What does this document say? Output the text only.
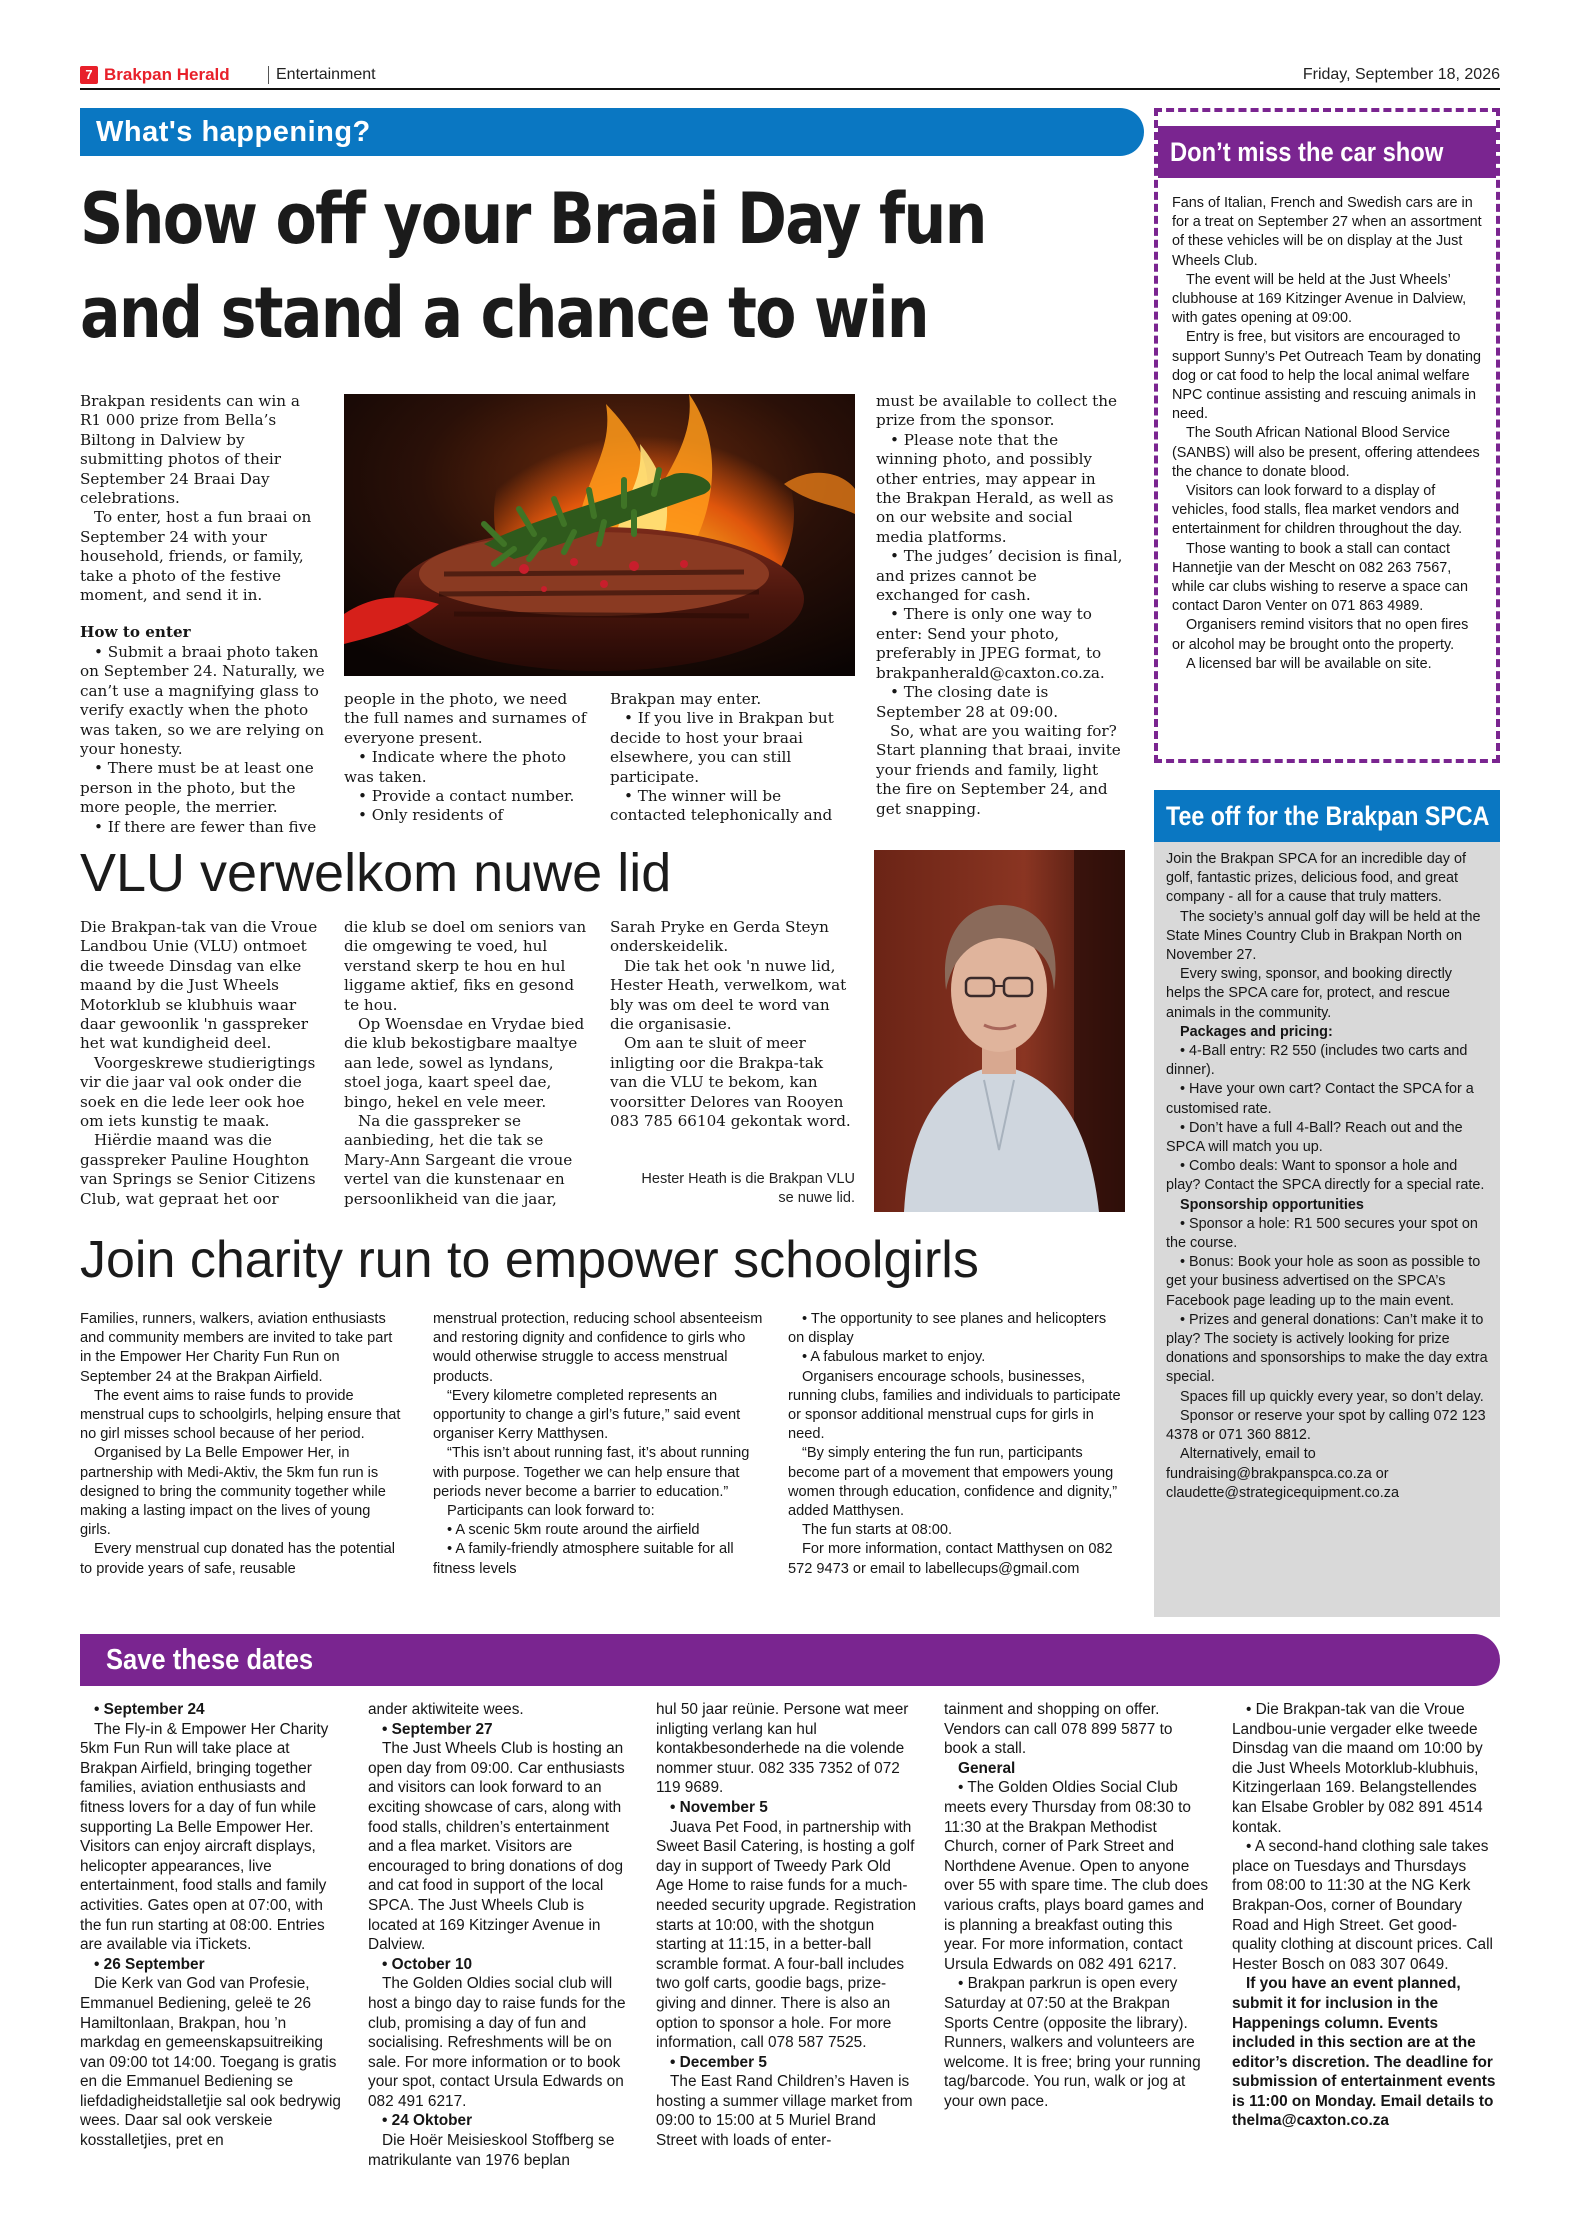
7 Brakpan Herald	Entertainment	Friday, September 18, 2026
What's happening?
Show off your Braai Day fun
and stand a chance to win

Brakpan residents can win a R1 000 prize from Bella’s Biltong in Dalview by submitting photos of their September 24 Braai Day celebrations.

To enter, host a fun braai on September 24 with your household, friends, or family, take a photo of the festive moment, and send it in.

How to enter

• Submit a braai photo taken on September 24. Naturally, we can’t use a magnifying glass to verify exactly when the photo was taken, so we are relying on your honesty.

• There must be at least one person in the photo, but the more people, the merrier.

• If there are fewer than five

people in the photo, we need the full names and surnames of everyone present.

• Indicate where the photo was taken.

• Provide a contact number.

• Only residents of

Brakpan may enter.

• If you live in Brakpan but decide to host your braai elsewhere, you can still participate.

• The winner will be contacted telephonically and

must be available to collect the prize from the sponsor.

• Please note that the winning photo, and possibly other entries, may appear in the Brakpan Herald, as well as on our website and social media platforms.

• The judges’ decision is final, and prizes cannot be exchanged for cash.

• There is only one way to enter: Send your photo, preferably in JPEG format, to brakpanherald@caxton.co.za.

• The closing date is September 28 at 09:00.

So, what are you waiting for? Start planning that braai, invite your friends and family, light the fire on September 24, and get snapping.

VLU verwelkom nuwe lid

Die Brakpan-tak van die Vroue Landbou Unie (VLU) ontmoet die tweede Dinsdag van elke maand by die Just Wheels Motorklub se klubhuis waar daar gewoonlik 'n gasspreker het wat kundigheid deel.

Voorgeskrewe studierigtings vir die jaar val ook onder die soek en die lede leer ook hoe om iets kunstig te maak.

Hiërdie maand was die gasspreker Pauline Houghton van Springs se Senior Citizens Club, wat gepraat het oor

die klub se doel om seniors van die omgewing te voed, hul verstand skerp te hou en hul liggame aktief, fiks en gesond te hou.

Op Woensdae en Vrydae bied die klub bekostigbare maaltye aan lede, sowel as lyndans, stoel joga, kaart speel dae, bingo, hekel en vele meer.

Na die gasspreker se aanbieding, het die tak se Mary-Ann Sargeant die vroue vertel van die kunstenaar en persoonlikheid van die jaar,

Sarah Pryke en Gerda Steyn onderskeidelik.

Die tak het ook 'n nuwe lid, Hester Heath, verwelkom, wat bly was om deel te word van die organisasie.

Om aan te sluit of meer inligting oor die Brakpa-tak van die VLU te bekom, kan voorsitter Delores van Rooyen 083 785 66104 gekontak word.

Hester Heath is die Brakpan VLU se nuwe lid.
Join charity run to empower schoolgirls

Families, runners, walkers, aviation enthusiasts and community members are invited to take part in the Empower Her Charity Fun Run on September 24 at the Brakpan Airfield.

The event aims to raise funds to provide menstrual cups to schoolgirls, helping ensure that no girl misses school because of her period.

Organised by La Belle Empower Her, in partnership with Medi-Aktiv, the 5km fun run is designed to bring the community together while making a lasting impact on the lives of young girls.

Every menstrual cup donated has the potential to provide years of safe, reusable

menstrual protection, reducing school absenteeism and restoring dignity and confidence to girls who would otherwise struggle to access menstrual products.

“Every kilometre completed represents an opportunity to change a girl’s future,” said event organiser Kerry Matthysen.

“This isn’t about running fast, it’s about running with purpose. Together we can help ensure that periods never become a barrier to education.”

Participants can look forward to:

• A scenic 5km route around the airfield

• A family-friendly atmosphere suitable for all fitness levels

• The opportunity to see planes and helicopters on display

• A fabulous market to enjoy.

Organisers encourage schools, businesses, running clubs, families and individuals to participate or sponsor additional menstrual cups for girls in need.

“By simply entering the fun run, participants become part of a movement that empowers young women through education, confidence and dignity,” added Matthysen.

The fun starts at 08:00.

For more information, contact Matthysen on 082 572 9473 or email to labellecups@gmail.com

Don’t miss the car show

Fans of Italian, French and Swedish cars are in for a treat on September 27 when an assortment of these vehicles will be on display at the Just Wheels Club.

The event will be held at the Just Wheels’ clubhouse at 169 Kitzinger Avenue in Dalview, with gates opening at 09:00.

Entry is free, but visitors are encouraged to support Sunny’s Pet Outreach Team by donating dog or cat food to help the local animal welfare NPC continue assisting and rescuing animals in need.

The South African National Blood Service (SANBS) will also be present, offering attendees the chance to donate blood.

Visitors can look forward to a display of vehicles, food stalls, flea market vendors and entertainment for children throughout the day.

Those wanting to book a stall can contact Hannetjie van der Mescht on 082 263 7567, while car clubs wishing to reserve a space can contact Daron Venter on 071 863 4989.

Organisers remind visitors that no open fires or alcohol may be brought onto the property.

A licensed bar will be available on site.

Tee off for the Brakpan SPCA

Join the Brakpan SPCA for an incredible day of golf, fantastic prizes, delicious food, and great company - all for a cause that truly matters.

The society’s annual golf day will be held at the State Mines Country Club in Brakpan North on November 27.

Every swing, sponsor, and booking directly helps the SPCA care for, protect, and rescue animals in the community.

Packages and pricing:

• 4-Ball entry: R2 550 (includes two carts and dinner).

• Have your own cart? Contact the SPCA for a customised rate.

• Don’t have a full 4-Ball? Reach out and the SPCA will match you up.

• Combo deals: Want to sponsor a hole and play? Contact the SPCA directly for a special rate.

Sponsorship opportunities

• Sponsor a hole: R1 500 secures your spot on the course.

• Bonus: Book your hole as soon as possible to get your business advertised on the SPCA’s Facebook page leading up to the main event.

• Prizes and general donations: Can’t make it to play? The society is actively looking for prize donations and sponsorships to make the day extra special.

Spaces fill up quickly every year, so don’t delay.

Sponsor or reserve your spot by calling 072 123 4378 or 071 360 8812.

Alternatively, email to fundraising@brakpanspca.co.za or claudette@strategicequipment.co.za

Save these dates

• September 24

The Fly-in & Empower Her Charity 5km Fun Run will take place at Brakpan Airfield, bringing together families, aviation enthusiasts and fitness lovers for a day of fun while supporting La Belle Empower Her. Visitors can enjoy aircraft displays, helicopter appearances, live entertainment, food stalls and family activities. Gates open at 07:00, with the fun run starting at 08:00. Entries are available via iTickets.

• 26 September

Die Kerk van God van Profesie, Emmanuel Bediening, geleë te 26 Hamiltonlaan, Brakpan, hou ’n markdag en gemeenskapsuitreiking van 09:00 tot 14:00. Toegang is gratis en die Emmanuel Bediening se liefdadigheidstalletjie sal ook bedrywig wees. Daar sal ook verskeie kosstalletjies, pret en

ander aktiwiteite wees.

• September 27

The Just Wheels Club is hosting an open day from 09:00. Car enthusiasts and visitors can look forward to an exciting showcase of cars, along with food stalls, children’s entertainment and a flea market. Visitors are encouraged to bring donations of dog and cat food in support of the local SPCA. The Just Wheels Club is located at 169 Kitzinger Avenue in Dalview.

• October 10

The Golden Oldies social club will host a bingo day to raise funds for the club, promising a day of fun and socialising. Refreshments will be on sale. For more information or to book your spot, contact Ursula Edwards on 082 491 6217.

• 24 Oktober

Die Hoër Meisieskool Stoffberg se matrikulante van 1976 beplan

hul 50 jaar reünie. Persone wat meer inligting verlang kan hul kontakbesonderhede na die volende nommer stuur. 082 335 7352 of 072 119 9689.

• November 5

Juava Pet Food, in partnership with Sweet Basil Catering, is hosting a golf day in support of Tweedy Park Old Age Home to raise funds for a much-needed security upgrade. Registration starts at 10:00, with the shotgun starting at 11:15, in a better-ball scramble format. A four-ball includes two golf carts, goodie bags, prize-giving and dinner. There is also an option to sponsor a hole. For more information, call 078 587 7525.

• December 5

The East Rand Children’s Haven is hosting a summer village market from 09:00 to 15:00 at 5 Muriel Brand Street with loads of enter-

tainment and shopping on offer. Vendors can call 078 899 5877 to book a stall.

General

• The Golden Oldies Social Club meets every Thursday from 08:30 to 11:30 at the Brakpan Methodist Church, corner of Park Street and Northdene Avenue. Open to anyone over 55 with spare time. The club does various crafts, plays board games and is planning a breakfast outing this year. For more information, contact Ursula Edwards on 082 491 6217.

• Brakpan parkrun is open every Saturday at 07:50 at the Brakpan Sports Centre (opposite the library). Runners, walkers and volunteers are welcome. It is free; bring your running tag/barcode. You run, walk or jog at your own pace.

• Die Brakpan-tak van die Vroue Landbou-unie vergader elke tweede Dinsdag van die maand om 10:00 by die Just Wheels Motorklub-klubhuis, Kitzingerlaan 169. Belangstellendes kan Elsabe Grobler by 082 891 4514 kontak.

• A second-hand clothing sale takes place on Tuesdays and Thursdays from 08:00 to 11:30 at the NG Kerk Brakpan-Oos, corner of Boundary Road and High Street. Get good-quality clothing at discount prices. Call Hester Bosch on 083 307 0649.

If you have an event planned, submit it for inclusion in the Happenings column. Events included in this section are at the editor’s discretion. The deadline for submission of entertainment events is 11:00 on Monday. Email details to thelma@caxton.co.za
